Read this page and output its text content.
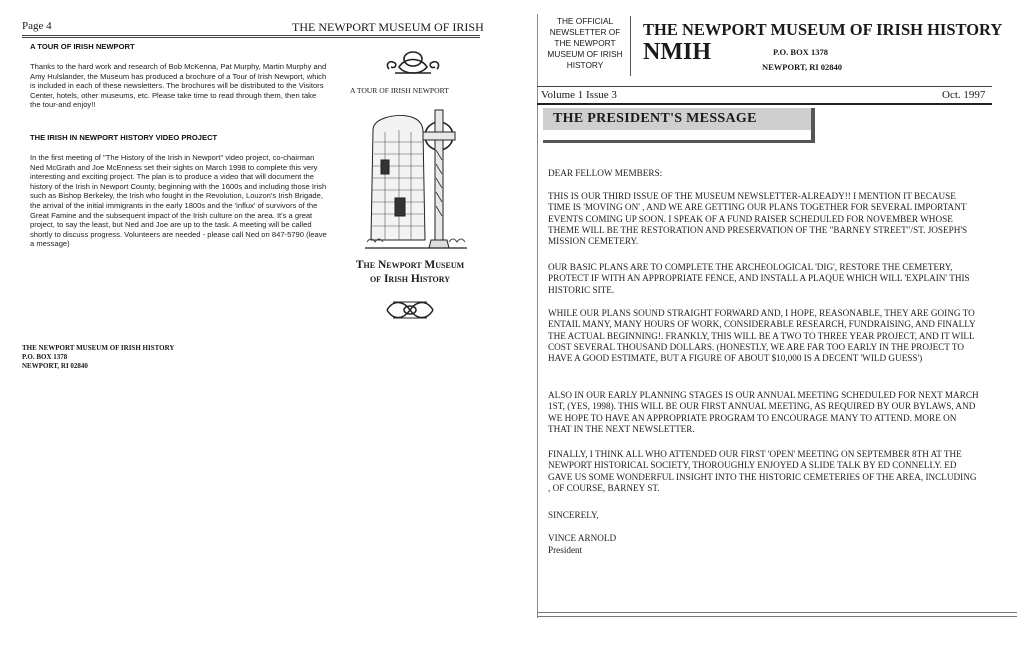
Page 4	THE NEWPORT MUSEUM OF IRISH
A TOUR OF IRISH NEWPORT
Thanks to the hard work and research of Bob McKenna, Pat Murphy, Martin Murphy and Amy Hulslander, the Museum has produced a brochure of a Tour of Irish Newport, which is included in each of these newsletters. The brochures will be distributed to the Visitors Center, hotels, other museums, etc. Please take time to read through them, then take the tour-and enjoy!!
THE IRISH IN NEWPORT HISTORY VIDEO PROJECT
In the first meeting of "The History of the Irish in Newport" video project, co-chairman Ned McGrath and Joe McEnness set their sights on March 1998 to complete this very interesting and exciting project. The plan is to produce a video that will document the history of the Irish in Newport County, beginning with the 1600s and including those Irish such as Bishop Berkeley, the Irish who fought in the Revolution, Louzon's Irish Brigade, the arrival of the initial immigrants in the early 1800s and the 'influx' of survivors of the Great Famine and the subsequent impact of the Irish culture on the area. It's a great project, to say the least, but Ned and Joe are up to the task. A meeting will be called shortly to discuss progress. Volunteers are needed - please call Ned on 847-5790 (leave a message)
A TOUR OF IRISH NEWPORT
The Newport Museum
of Irish History
THE NEWPORT MUSEUM OF IRISH HISTORY
P.O. BOX 1378
NEWPORT, RI 02840
THE OFFICIAL
NEWSLETTER OF
THE NEWPORT
MUSEUM OF IRISH
HISTORY
THE NEWPORT MUSEUM OF IRISH HISTORY
NMIH	P.O. BOX 1378
NEWPORT, RI 02840
Volume 1 Issue 3	Oct. 1997
THE PRESIDENT'S MESSAGE
DEAR FELLOW MEMBERS:
THIS IS OUR THIRD ISSUE OF THE MUSEUM NEWSLETTER-ALREADY!! I MENTION IT BECAUSE TIME IS 'MOVING ON' , AND WE ARE GETTING OUR PLANS TOGETHER FOR SEVERAL IMPORTANT EVENTS COMING UP SOON. I SPEAK OF A FUND RAISER SCHEDULED FOR NOVEMBER WHOSE THEME WILL BE THE RESTORATION AND PRESERVATION OF THE "BARNEY STREET"/ST. JOSEPH'S MISSION CEMETERY.
OUR BASIC PLANS ARE TO COMPLETE THE ARCHEOLOGICAL 'DIG', RESTORE THE CEMETERY, PROTECT IF WITH AN APPROPRIATE FENCE, AND INSTALL A PLAQUE WHICH WILL 'EXPLAIN' THIS HISTORIC SITE.
WHILE OUR PLANS SOUND STRAIGHT FORWARD AND, I HOPE, REASONABLE, THEY ARE GOING TO ENTAIL MANY, MANY HOURS OF WORK, CONSIDERABLE RESEARCH, FUNDRAISING, AND FINALLY THE ACTUAL BEGINNING!. FRANKLY, THIS WILL BE A TWO TO THREE YEAR PROJECT, AND IT WILL COST SEVERAL THOUSAND DOLLARS. (HONESTLY, WE ARE FAR TOO EARLY IN THE PROJECT TO HAVE A GOOD ESTIMATE, BUT A FIGURE OF ABOUT $10,000 IS A DECENT 'WILD GUESS')
ALSO IN OUR EARLY PLANNING STAGES IS OUR ANNUAL MEETING SCHEDULED FOR NEXT MARCH 1ST, (YES, 1998). THIS WILL BE OUR FIRST ANNUAL MEETING, AS REQUIRED BY OUR BYLAWS, AND WE HOPE TO HAVE AN APPROPRIATE PROGRAM TO ENCOURAGE MANY TO ATTEND. MORE ON THAT IN THE NEXT NEWSLETTER.
FINALLY, I THINK ALL WHO ATTENDED OUR FIRST 'OPEN' MEETING ON SEPTEMBER 8TH AT THE NEWPORT HISTORICAL SOCIETY, THOROUGHLY ENJOYED A SLIDE TALK BY ED CONNELLY. ED GAVE US SOME WONDERFUL INSIGHT INTO THE HISTORIC CEMETERIES OF THE AREA, INCLUDING , OF COURSE, BARNEY ST.
SINCERELY,
VINCE ARNOLD
President
